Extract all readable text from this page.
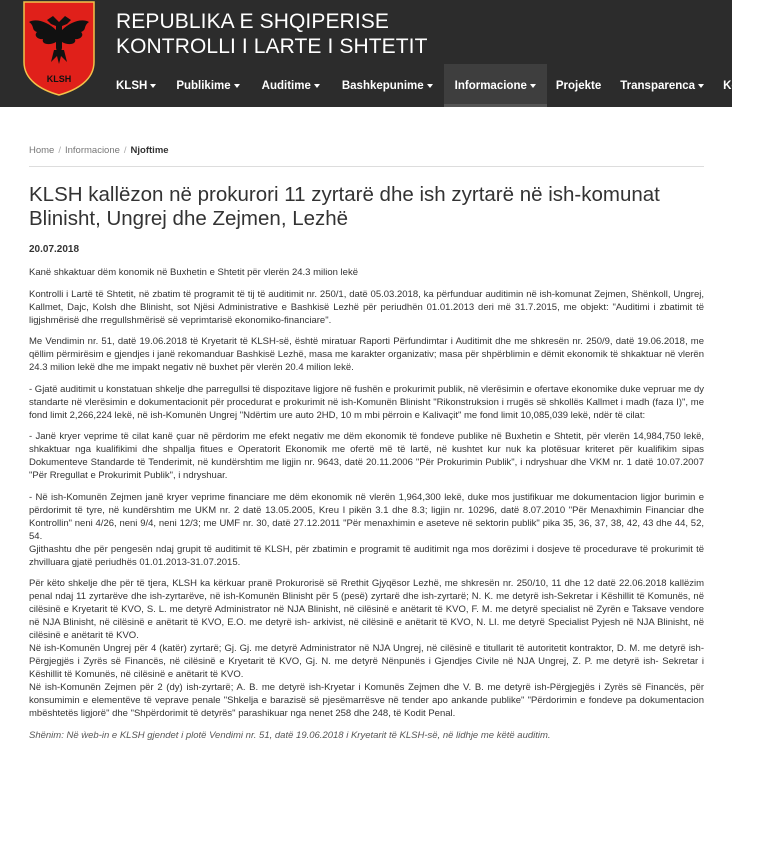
KLSH
REPUBLIKA E SHQIPERISE
KONTROLLI I LARTE I SHTETIT
KLSH	Publikime	Auditime	Bashkepunime	Informacione	Projekte Transparenca Kontakt
Home / Informacione / Njoftime
KLSH kallëzon në prokurori 11 zyrtarë dhe ish zyrtarë në ish-komunat Blinisht, Ungrej dhe Zejmen, Lezhë
20.07.2018

Kanë shkaktuar dëm konomik në Buxhetin e Shtetit për vlerën 24.3 milion lekë

Kontrolli i Lartë të Shtetit, në zbatim të programit të tij të auditimit nr. 250/1, datë 05.03.2018, ka përfunduar auditimin në ish-komunat Zejmen, Shënkoll, Ungrej, Kallmet, Dajc, Kolsh dhe Blinisht, sot Njësi Administrative e Bashkisë Lezhë për periudhën 01.01.2013 deri më 31.7.2015, me objekt: "Auditimi i zbatimit të ligjshmërisë dhe rregullshmërisë së veprimtarisë ekonomiko-financiare".

Me Vendimin nr. 51, datë 19.06.2018 të Kryetarit të KLSH-së, është miratuar Raporti Përfundimtar i Auditimit dhe me shkresën nr. 250/9, datë 19.06.2018, me qëllim përmirësim e gjendjes i janë rekomanduar Bashkisë Lezhë, masa me karakter organizativ; masa për shpërblimin e dëmit ekonomik të shkaktuar në vlerën 24.3 milion lekë dhe me impakt negativ në buxhet për vlerën 20.4 milion lekë.

- Gjatë auditimit u konstatuan shkelje dhe parregullsi të dispozitave ligjore në fushën e prokurimit publik, në vlerësimin e ofertave ekonomike duke vepruar me dy standarte në vlerësimin e dokumentacionit për procedurat e prokurimit në ish-Komunën Blinisht "Rikonstruksion i rrugës së shkollës Kallmet i madh (faza I)", me fond limit 2,266,224 lekë, në ish-Komunën Ungrej "Ndërtim ure auto 2HD, 10 m mbi përroin e Kalivaçit" me fond limit 10,085,039 lekë, ndër të cilat:

- Janë kryer veprime të cilat kanë çuar në përdorim me efekt negativ me dëm ekonomik të fondeve publike në Buxhetin e Shtetit, për vlerën 14,984,750 lekë, shkaktuar nga kualifikimi dhe shpallja fitues e Operatorit Ekonomik me ofertë më të lartë, në kushtet kur nuk ka plotësuar kriteret për kualifikim sipas Dokumenteve Standarde të Tenderimit, në kundërshtim me ligjin nr. 9643, datë 20.11.2006 "Për Prokurimin Publik", i ndryshuar dhe VKM nr. 1 datë 10.07.2007 "Për Rregullat e Prokurimit Publik", i ndryshuar.

- Në ish-Komunën Zejmen janë kryer veprime financiare me dëm ekonomik në vlerën 1,964,300 lekë, duke mos justifikuar me dokumentacion ligjor burimin e përdorimit të tyre, në kundërshtim me UKM nr. 2 datë 13.05.2005, Kreu I pikën 3.1 dhe 8.3; ligjin nr. 10296, datë 8.07.2010 "Për Menaxhimin Financiar dhe Kontrollin" neni 4/26, neni 9/4, neni 12/3; me UMF nr. 30, datë 27.12.2011 "Për menaxhimin e aseteve në sektorin publik" pika 35, 36, 37, 38, 42, 43 dhe 44, 52, 54.

Gjithashtu dhe për pengesën ndaj grupit të auditimit të KLSH, për zbatimin e programit të auditimit nga mos dorëzimi i dosjeve të procedurave të prokurimit të zhvilluara gjatë periudhës 01.01.2013-31.07.2015.

Për këto shkelje dhe për të tjera, KLSH ka kërkuar pranë Prokurorisë së Rrethit Gjyqësor Lezhë, me shkresën nr. 250/10, 11 dhe 12 datë 22.06.2018 kallëzim penal ndaj 11 zyrtarëve dhe ish-zyrtarëve, në ish-Komunën Blinisht për 5 (pesë) zyrtarë dhe ish-zyrtarë; N. K. me detyrë ish-Sekretar i Këshillit të Komunës, në cilësinë e Kryetarit të KVO, S. L. me detyrë Administrator në NJA Blinisht, në cilësinë e anëtarit të KVO, F. M. me detyrë specialist në Zyrën e Taksave vendore në NJA Blinisht, në cilësinë e anëtarit të KVO, E.O. me detyrë ish- arkivist, në cilësinë e anëtarit të KVO, N. LI. me detyrë Specialist Pyjesh në NJA Blinisht, në cilësinë e anëtarit të KVO.

Në ish-Komunën Ungrej për 4 (katër) zyrtarë; Gj. Gj. me detyrë Administrator në NJA Ungrej, në cilësinë e titullarit të autoritetit kontraktor, D. M. me detyrë ish- Përgjegjës i Zyrës së Financës, në cilësinë e Kryetarit të KVO, Gj. N. me detyrë Nënpunës i Gjendjes Civile në NJA Ungrej, Z. P. me detyrë ish- Sekretar i Këshillit të Komunës, në cilësinë e anëtarit të KVO.

Në ish-Komunën Zejmen për 2 (dy) ish-zyrtarë; A. B. me detyrë ish-Kryetar i Komunës Zejmen dhe V. B. me detyrë ish-Përgjegjës i Zyrës së Financës, për konsumimin e elementëve të veprave penale "Shkelja e barazisë së pjesëmarrësve në tender apo ankande publike" "Përdorimin e fondeve pa dokumentacion mbështetës ligjorë" dhe "Shpërdorimit të detyrës" parashikuar nga nenet 258 dhe 248, të Kodit Penal.

Shënim: Në ẁeb-in e KLSH gjendet i plotë Vendimi nr. 51, datë 19.06.2018 i Kryetarit të KLSH-së, në lidhje me këtë auditim.
